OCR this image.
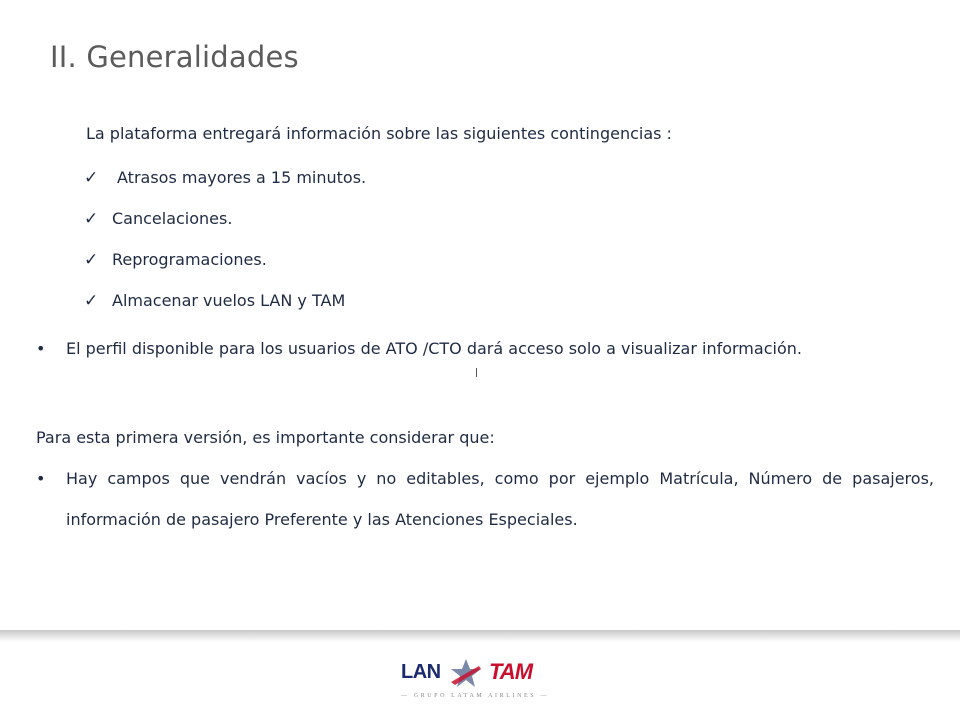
II. Generalidades
La plataforma entregará información sobre las siguientes contingencias :
✓	Atrasos mayores a 15 minutos.
✓ Cancelaciones.
✓ Reprogramaciones.
✓ Almacenar vuelos LAN y TAM
•	El perfil disponible para los usuarios de ATO /CTO dará acceso solo a visualizar información.
Para esta primera versión, es importante considerar que:
•	Hay campos que vendrán vacíos y no editables, como por ejemplo Matrícula, Número de pasajeros, información de pasajero Preferente y las Atenciones Especiales.
LAN TAM
— GRUPO LATAM AIRLINES —
